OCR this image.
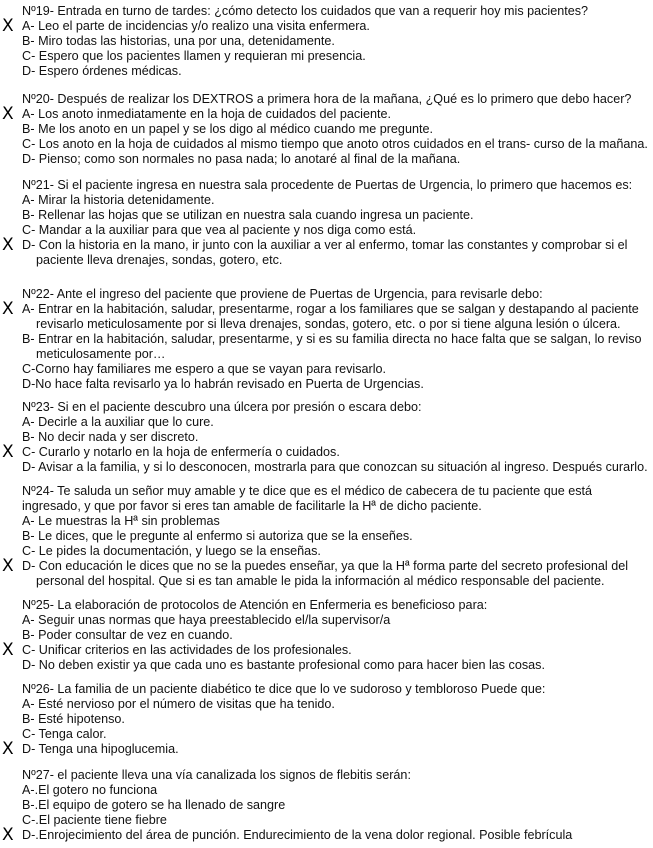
Nº19- Entrada en turno de tardes: ¿cómo detecto los cuidados que van a requerir hoy mis pacientes?
X A- Leo el parte de incidencias y/o realizo una visita enfermera.
B- Miro todas las historias, una por una, detenidamente.
C- Espero que los pacientes llamen y requieran mi presencia.
D- Espero órdenes médicas.
Nº20- Después de realizar los DEXTROS a primera hora de la mañana, ¿Qué es lo primero que debo hacer?
X A- Los anoto inmediatamente en la hoja de cuidados del paciente.
B- Me los anoto en un papel y se los digo al médico cuando me pregunte.
C- Los anoto en la hoja de cuidados al mismo tiempo que anoto otros cuidados en el trans- curso de la mañana.
D- Pienso; como son normales no pasa nada; lo anotaré al final de la mañana.
Nº21- Si el paciente ingresa en nuestra sala procedente de Puertas de Urgencia, lo primero que hacemos es:
A- Mirar la historia detenidamente.
B- Rellenar las hojas que se utilizan en nuestra sala cuando ingresa un paciente.
C- Mandar a la auxiliar para que vea al paciente y nos diga como está.
X D- Con la historia en la mano, ir junto con la auxiliar a ver al enfermo, tomar las constantes y comprobar si el paciente lleva drenajes, sondas, gotero, etc.
Nº22- Ante el ingreso del paciente que proviene de Puertas de Urgencia, para revisarle debo:
X A- Entrar en la habitación, saludar, presentarme, rogar a los familiares que se salgan y destapando al paciente revisarlo meticulosamente por si lleva drenajes, sondas, gotero, etc. o por si tiene alguna lesión o úlcera.
B- Entrar en la habitación, saludar, presentarme, y si es su familia directa no hace falta que se salgan, lo reviso meticulosamente por…
C-Corno hay familiares me espero a que se vayan para revisarlo.
D-No hace falta revisarlo ya lo habrán revisado en Puerta de Urgencias.
Nº23- Si en el paciente descubro una úlcera por presión o escara debo:
A- Decirle a la auxiliar que lo cure.
B- No decir nada y ser discreto.
X C- Curarlo y notarlo en la hoja de enfermería o cuidados.
D- Avisar a la familia, y si lo desconocen, mostrarla para que conozcan su situación al ingreso. Después curarlo.
Nº24- Te saluda un señor muy amable y te dice que es el médico de cabecera de tu paciente que está ingresado, y que por favor si eres tan amable de facilitarle la Hª de dicho paciente.
A- Le muestras la Hª sin problemas
B- Le dices, que le pregunte al enfermo si autoriza que se la enseñes.
C- Le pides la documentación, y luego se la enseñas.
X D- Con educación le dices que no se la puedes enseñar, ya que la Hª forma parte del secreto profesional del personal del hospital. Que si es tan amable le pida la información al médico responsable del paciente.
Nº25- La elaboración de protocolos de Atención en Enfermeria es beneficioso para:
A- Seguir unas normas que haya preestablecido el/la supervisor/a
B- Poder consultar de vez en cuando.
X C- Unificar criterios en las actividades de los profesionales.
D- No deben existir ya que cada uno es bastante profesional como para hacer bien las cosas.
Nº26- La familia de un paciente diabético te dice que lo ve sudoroso y tembloroso Puede que:
A- Esté nervioso por el número de visitas que ha tenido.
B- Esté hipotenso.
C- Tenga calor.
X D- Tenga una hipoglucemia.
Nº27- el paciente lleva una vía canalizada los signos de flebitis serán:
A-.El gotero no funciona
B-.El equipo de gotero se ha llenado de sangre
C-.El paciente tiene fiebre
X D-.Enrojecimiento del área de punción. Endurecimiento de la vena dolor regional. Posible febrícula
